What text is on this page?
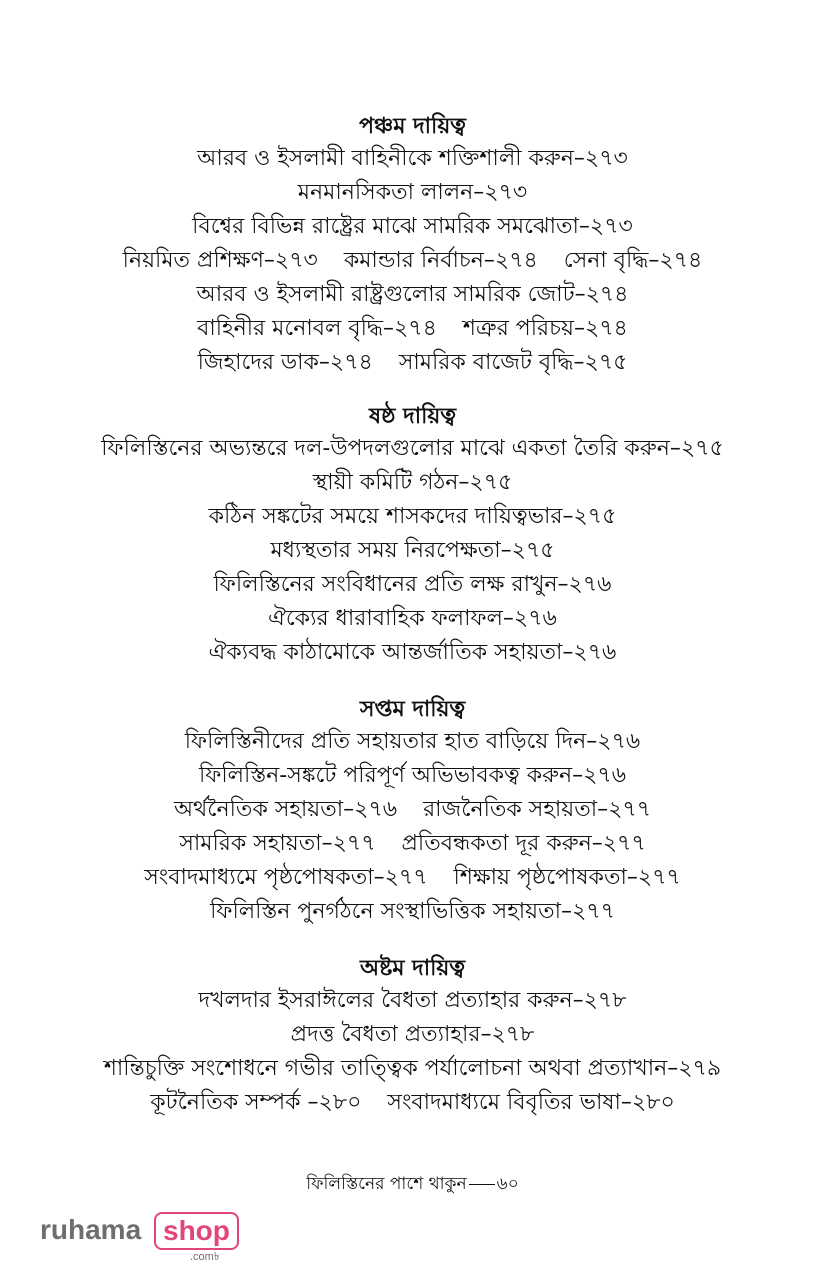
পঞ্চম দায়িত্ব
আরব ও ইসলামী বাহিনীকে শক্তিশালী করুন–২৭৩
মনমানসিকতা লালন–২৭৩
বিশ্বের বিভিন্ন রাষ্ট্রের মাঝে সামরিক সমঝোতা–২৭৩
নিয়মিত প্রশিক্ষণ–২৭৩ কমান্ডার নির্বাচন–২৭৪ সেনা বৃদ্ধি–২৭৪
আরব ও ইসলামী রাষ্ট্রগুলোর সামরিক জোট–২৭৪
বাহিনীর মনোবল বৃদ্ধি–২৭৪ শত্রুর পরিচয়–২৭৪
জিহাদের ডাক–২৭৪ সামরিক বাজেট বৃদ্ধি–২৭৫
ষষ্ঠ দায়িত্ব
ফিলিস্তিনের অভ্যন্তরে দল-উপদলগুলোর মাঝে একতা তৈরি করুন–২৭৫
স্থায়ী কমিটি গঠন–২৭৫
কঠিন সঙ্কটের সময়ে শাসকদের দায়িত্বভার–২৭৫
মধ্যস্থতার সময় নিরপেক্ষতা–২৭৫
ফিলিস্তিনের সংবিধানের প্রতি লক্ষ রাখুন–২৭৬
ঐক্যের ধারাবাহিক ফলাফল–২৭৬
ঐক্যবদ্ধ কাঠামোকে আন্তর্জাতিক সহায়তা–২৭৬
সপ্তম দায়িত্ব
ফিলিস্তিনীদের প্রতি সহায়তার হাত বাড়িয়ে দিন–২৭৬
ফিলিস্তিন-সঙ্কটে পরিপূর্ণ অভিভাবকত্ব করুন–২৭৬
অর্থনৈতিক সহায়তা–২৭৬ রাজনৈতিক সহায়তা–২৭৭
সামরিক সহায়তা–২৭৭ প্রতিবন্ধকতা দূর করুন–২৭৭
সংবাদমাধ্যমে পৃষ্ঠপোষকতা–২৭৭ শিক্ষায় পৃষ্ঠপোষকতা–২৭৭
ফিলিস্তিন পুনর্গঠনে সংস্থাভিত্তিক সহায়তা–২৭৭
অষ্টম দায়িত্ব
দখলদার ইসরাঈলের বৈধতা প্রত্যাহার করুন–২৭৮
প্রদত্ত বৈধতা প্রত্যাহার–২৭৮
শান্তিচুক্তি সংশোধনে গভীর তাত্ত্বিক পর্যালোচনা অথবা প্রত্যাখান–২৭৯
কূটনৈতিক সম্পর্ক –২৮০ সংবাদমাধ্যমে বিবৃতির ভাষা–২৮০
ফিলিস্তিনের পাশে থাকুন ৬০
ruhama shop
.com৳
